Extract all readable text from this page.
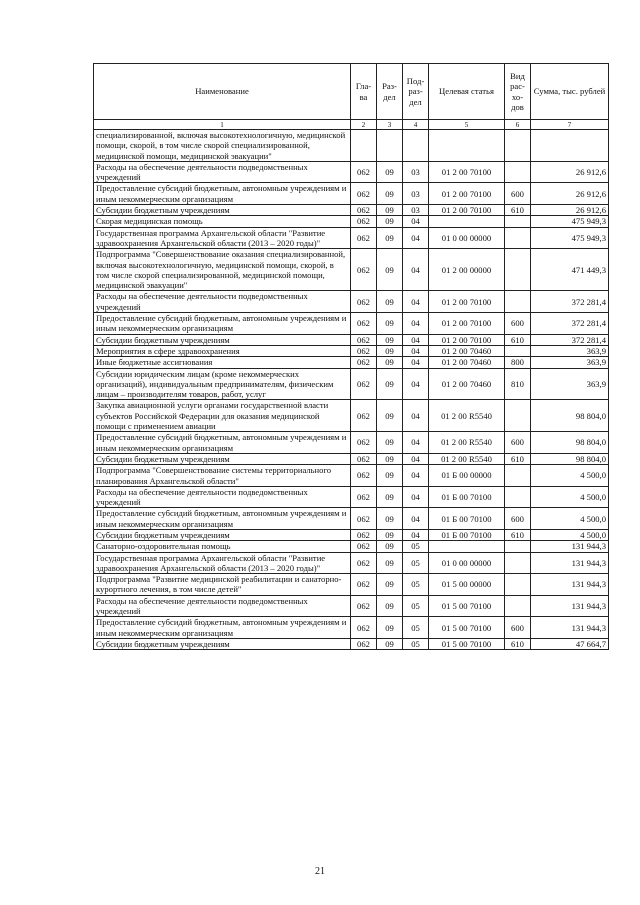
Наименование	Гла- ва	Раз- дел	Под- раз- дел	Целевая статья	Вид рас- хо- дов	Сумма, тыс. рублей
1	2	3	4	5	6	7
специализированной, включая высокотехнологичную, медицинской помощи, скорой, в том числе скорой специализированной, медицинской помощи, медицинской эвакуации"						
Расходы на обеспечение деятельности подведомственных учреждений	062	09	03	01 2 00 70100		26 912,6
Предоставление субсидий бюджетным, автономным учреждениям и иным некоммерческим организациям	062	09	03	01 2 00 70100	600	26 912,6
Субсидии бюджетным учреждениям	062	09	03	01 2 00 70100	610	26 912,6
Скорая медицинская помощь	062	09	04			475 949,3
Государственная программа Архангельской области "Развитие здравоохранения Архангельской области (2013 – 2020 годы)"	062	09	04	01 0 00 00000		475 949,3
Подпрограмма "Совершенствование оказания специализированной, включая высокотехнологичную, медицинской помощи, скорой, в том числе скорой специализированной, медицинской помощи, медицинской эвакуации"	062	09	04	01 2 00 00000		471 449,3
Расходы на обеспечение деятельности подведомственных учреждений	062	09	04	01 2 00 70100		372 281,4
Предоставление субсидий бюджетным, автономным учреждениям и иным некоммерческим организациям	062	09	04	01 2 00 70100	600	372 281,4
Субсидии бюджетным учреждениям	062	09	04	01 2 00 70100	610	372 281,4
Мероприятия в сфере здравоохранения	062	09	04	01 2 00 70460		363,9
Иные бюджетные ассигнования	062	09	04	01 2 00 70460	800	363,9
Субсидии юридическим лицам (кроме некоммерческих организаций), индивидуальным предпринимателям, физическим лицам – производителям товаров, работ, услуг	062	09	04	01 2 00 70460	810	363,9
Закупка авиационной услуги органами государственной власти субъектов Российской Федерации для оказания медицинской помощи с применением авиации	062	09	04	01 2 00 R5540		98 804,0
Предоставление субсидий бюджетным, автономным учреждениям и иным некоммерческим организациям	062	09	04	01 2 00 R5540	600	98 804,0
Субсидии бюджетным учреждениям	062	09	04	01 2 00 R5540	610	98 804,0
Подпрограмма "Совершенствование системы территориального планирования Архангельской области"	062	09	04	01 Б 00 00000		4 500,0
Расходы на обеспечение деятельности подведомственных учреждений	062	09	04	01 Б 00 70100		4 500,0
Предоставление субсидий бюджетным, автономным учреждениям и иным некоммерческим организациям	062	09	04	01 Б 00 70100	600	4 500,0
Субсидии бюджетным учреждениям	062	09	04	01 Б 00 70100	610	4 500,0
Санаторно-оздоровительная помощь	062	09	05			131 944,3
Государственная программа Архангельской области "Развитие здравоохранения Архангельской области (2013 – 2020 годы)"	062	09	05	01 0 00 00000		131 944,3
Подпрограмма "Развитие медицинской реабилитации и санаторно-курортного лечения, в том числе детей"	062	09	05	01 5 00 00000		131 944,3
Расходы на обеспечение деятельности подведомственных учреждений	062	09	05	01 5 00 70100		131 944,3
Предоставление субсидий бюджетным, автономным учреждениям и иным некоммерческим организациям	062	09	05	01 5 00 70100	600	131 944,3
Субсидии бюджетным учреждениям	062	09	05	01 5 00 70100	610	47 664,7
21
